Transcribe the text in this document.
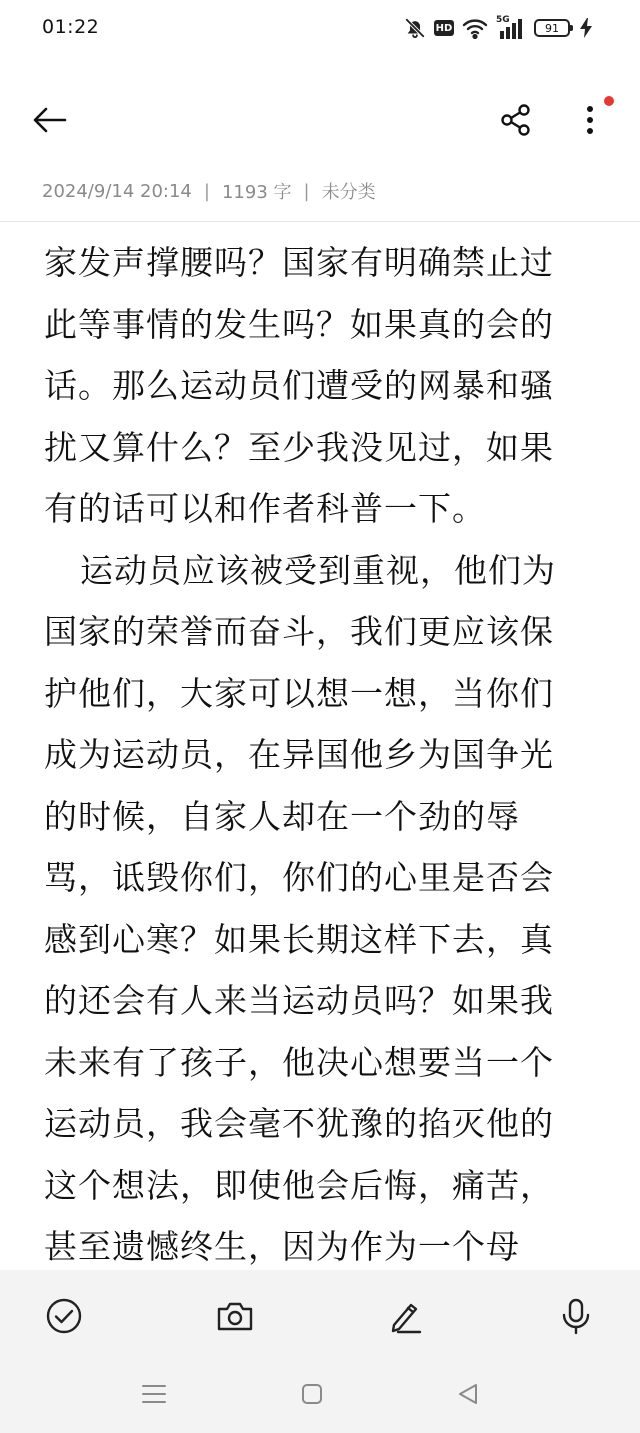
01:22	HD
5G
91
2024/9/14 20:14 | 1193 字 | 未分类
家发声撑腰吗？国家有明确禁止过
此等事情的发生吗？如果真的会的
话。那么运动员们遭受的网暴和骚
扰又算什么？至少我没见过，如果
有的话可以和作者科普一下。
运动员应该被受到重视，他们为
国家的荣誉而奋斗，我们更应该保
护他们，大家可以想一想，当你们
成为运动员，在异国他乡为国争光
的时候，自家人却在一个劲的辱
骂，诋毁你们，你们的心里是否会
感到心寒？如果长期这样下去，真
的还会有人来当运动员吗？如果我
未来有了孩子，他决心想要当一个
运动员，我会毫不犹豫的掐灭他的
这个想法，即使他会后悔，痛苦，
甚至遗憾终生，因为作为一个母
